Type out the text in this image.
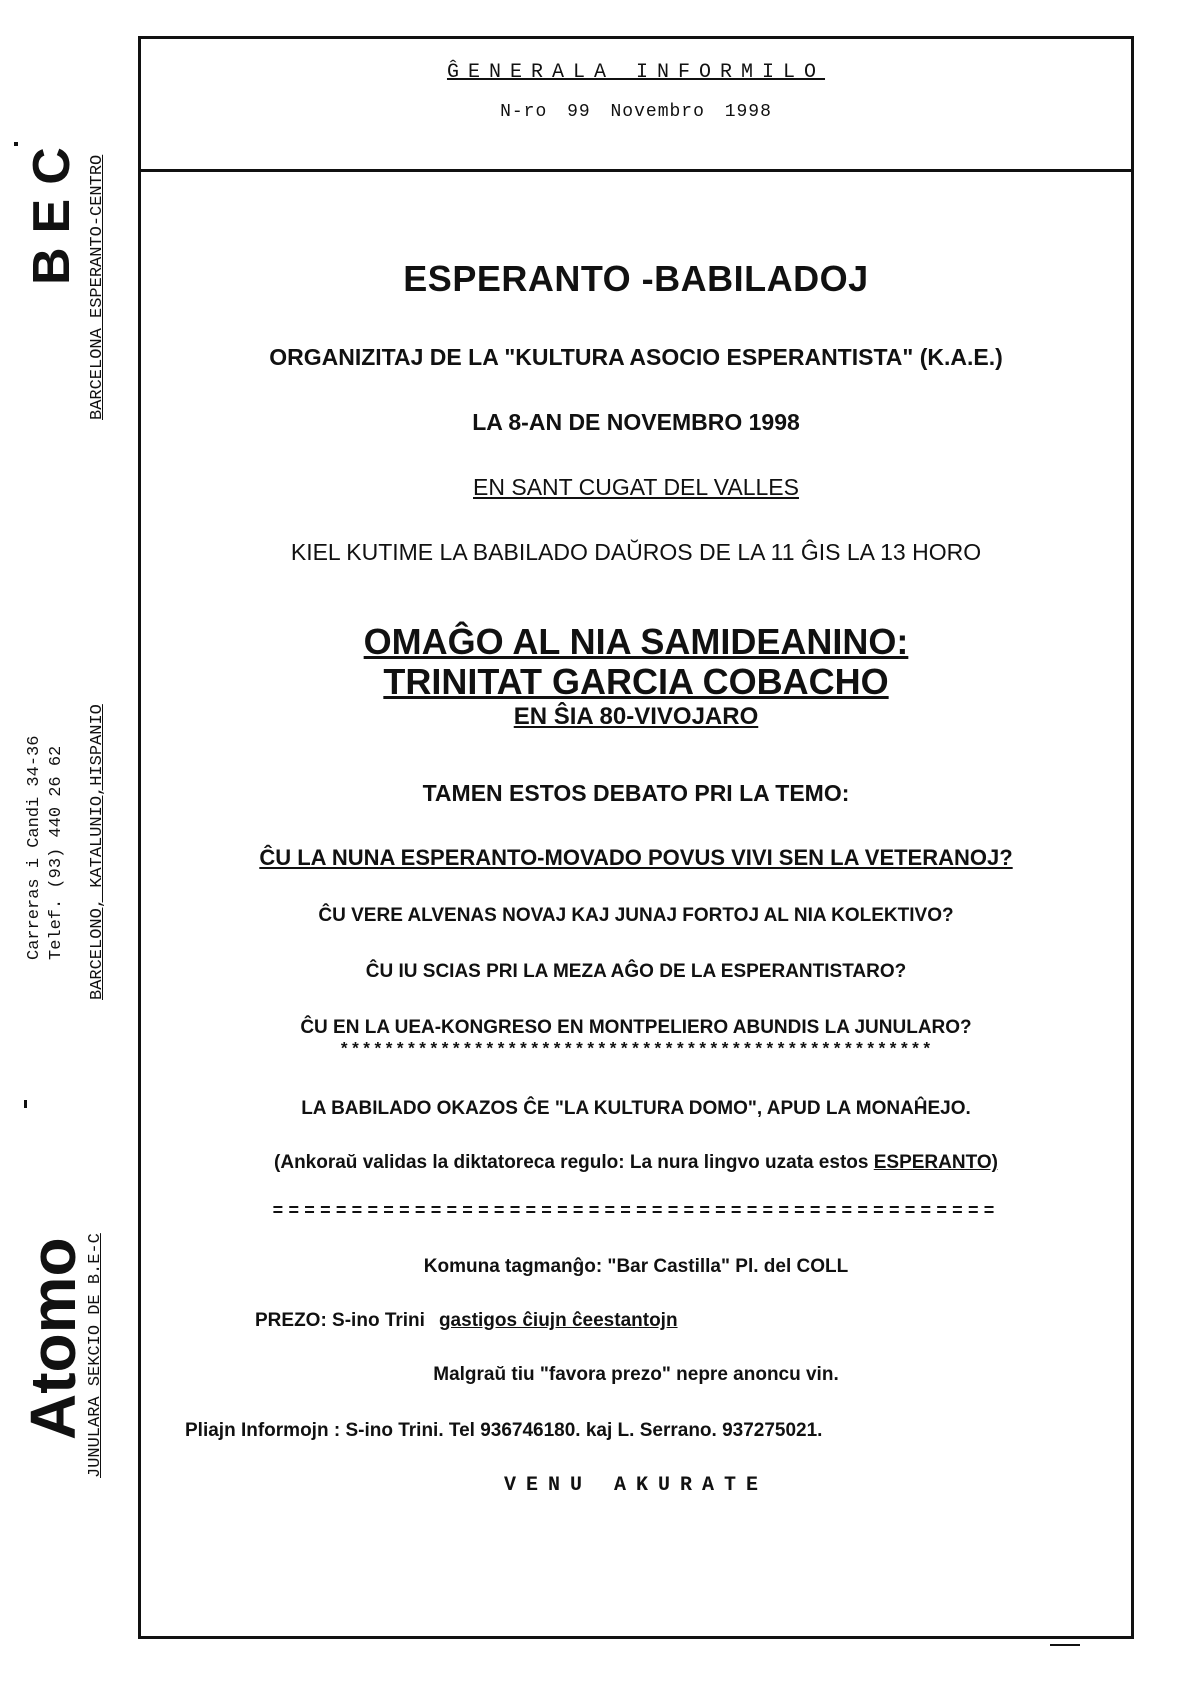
BEC BARCELONA ESPERANTO-CENTRO
Carreras i Candi 34-36 Telef. (93) 440 26 62 BARCELONO, KATALUNIO,HISPANIO
Atomo
JUNULARA SEKCIO DE B.E-C
ĜENERALA INFORMILO
N-ro 99 Novembro 1998
ESPERANTO -BABILADOJ
ORGANIZITAJ DE LA "KULTURA ASOCIO ESPERANTISTA" (K.A.E.)
LA 8-AN DE NOVEMBRO 1998
EN SANT CUGAT DEL VALLES
KIEL KUTIME LA BABILADO DAŬROS DE LA 11 ĜIS LA 13 HORO
OMAĜO AL NIA SAMIDEANINO:
TRINITAT GARCIA COBACHO
EN ŜIA 80-VIVOJARO
TAMEN ESTOS DEBATO PRI LA TEMO:
ĈU LA NUNA ESPERANTO-MOVADO POVUS VIVI SEN LA VETERANOJ?
ĈU VERE ALVENAS NOVAJ KAJ JUNAJ FORTOJ AL NIA KOLEKTIVO?
ĈU IU SCIAS PRI LA MEZA AĜO DE LA ESPERANTISTARO?
ĈU EN LA UEA-KONGRESO EN MONTPELIERO ABUNDIS LA JUNULARO?
*****************************************************
LA BABILADO OKAZOS ĈE "LA KULTURA DOMO", APUD LA MONAĤEJO.
(Ankoraŭ validas la diktatoreca regulo: La nura lingvo uzata estos ESPERANTO)
==============================================
Komuna tagmanĝo: "Bar Castilla" Pl. del COLL
PREZO: S-ino Trini gastigos ĉiujn ĉeestantojn
Malgraŭ tiu "favora prezo" nepre anoncu vin.
Pliajn Informojn : S-ino Trini. Tel 936746180. kaj L. Serrano. 937275021.
VENU AKURATE
